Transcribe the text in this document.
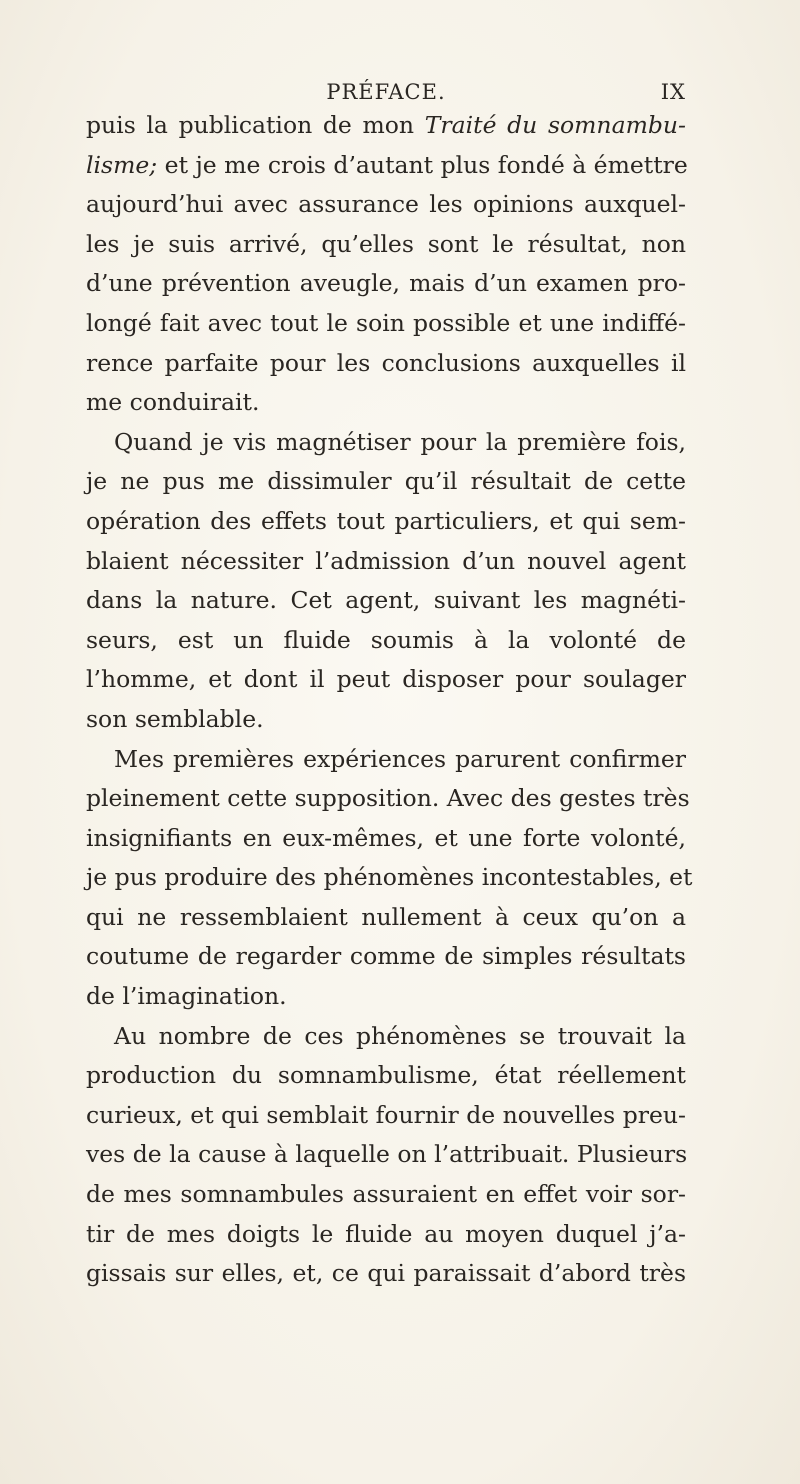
PRÉFACE.	IX
puis la publication de mon Traité du somnambu-
lisme; et je me crois d’autant plus fondé à émettre
aujourd’hui avec assurance les opinions auxquel-
les je suis arrivé, qu’elles sont le résultat, non
d’une prévention aveugle, mais d’un examen pro-
longé fait avec tout le soin possible et une indiffé-
rence parfaite pour les conclusions auxquelles il
me conduirait.
Quand je vis magnétiser pour la première fois,
je ne pus me dissimuler qu’il résultait de cette
opération des effets tout particuliers, et qui sem-
blaient nécessiter l’admission d’un nouvel agent
dans la nature. Cet agent, suivant les magnéti-
seurs, est un fluide soumis à la volonté de
l’homme, et dont il peut disposer pour soulager
son semblable.
Mes premières expériences parurent confirmer
pleinement cette supposition. Avec des gestes très
insignifiants en eux-mêmes, et une forte volonté,
je pus produire des phénomènes incontestables, et
qui ne ressemblaient nullement à ceux qu’on a
coutume de regarder comme de simples résultats
de l’imagination.
Au nombre de ces phénomènes se trouvait la
production du somnambulisme, état réellement
curieux, et qui semblait fournir de nouvelles preu-
ves de la cause à laquelle on l’attribuait. Plusieurs
de mes somnambules assuraient en effet voir sor-
tir de mes doigts le fluide au moyen duquel j’a-
gissais sur elles, et, ce qui paraissait d’abord très
